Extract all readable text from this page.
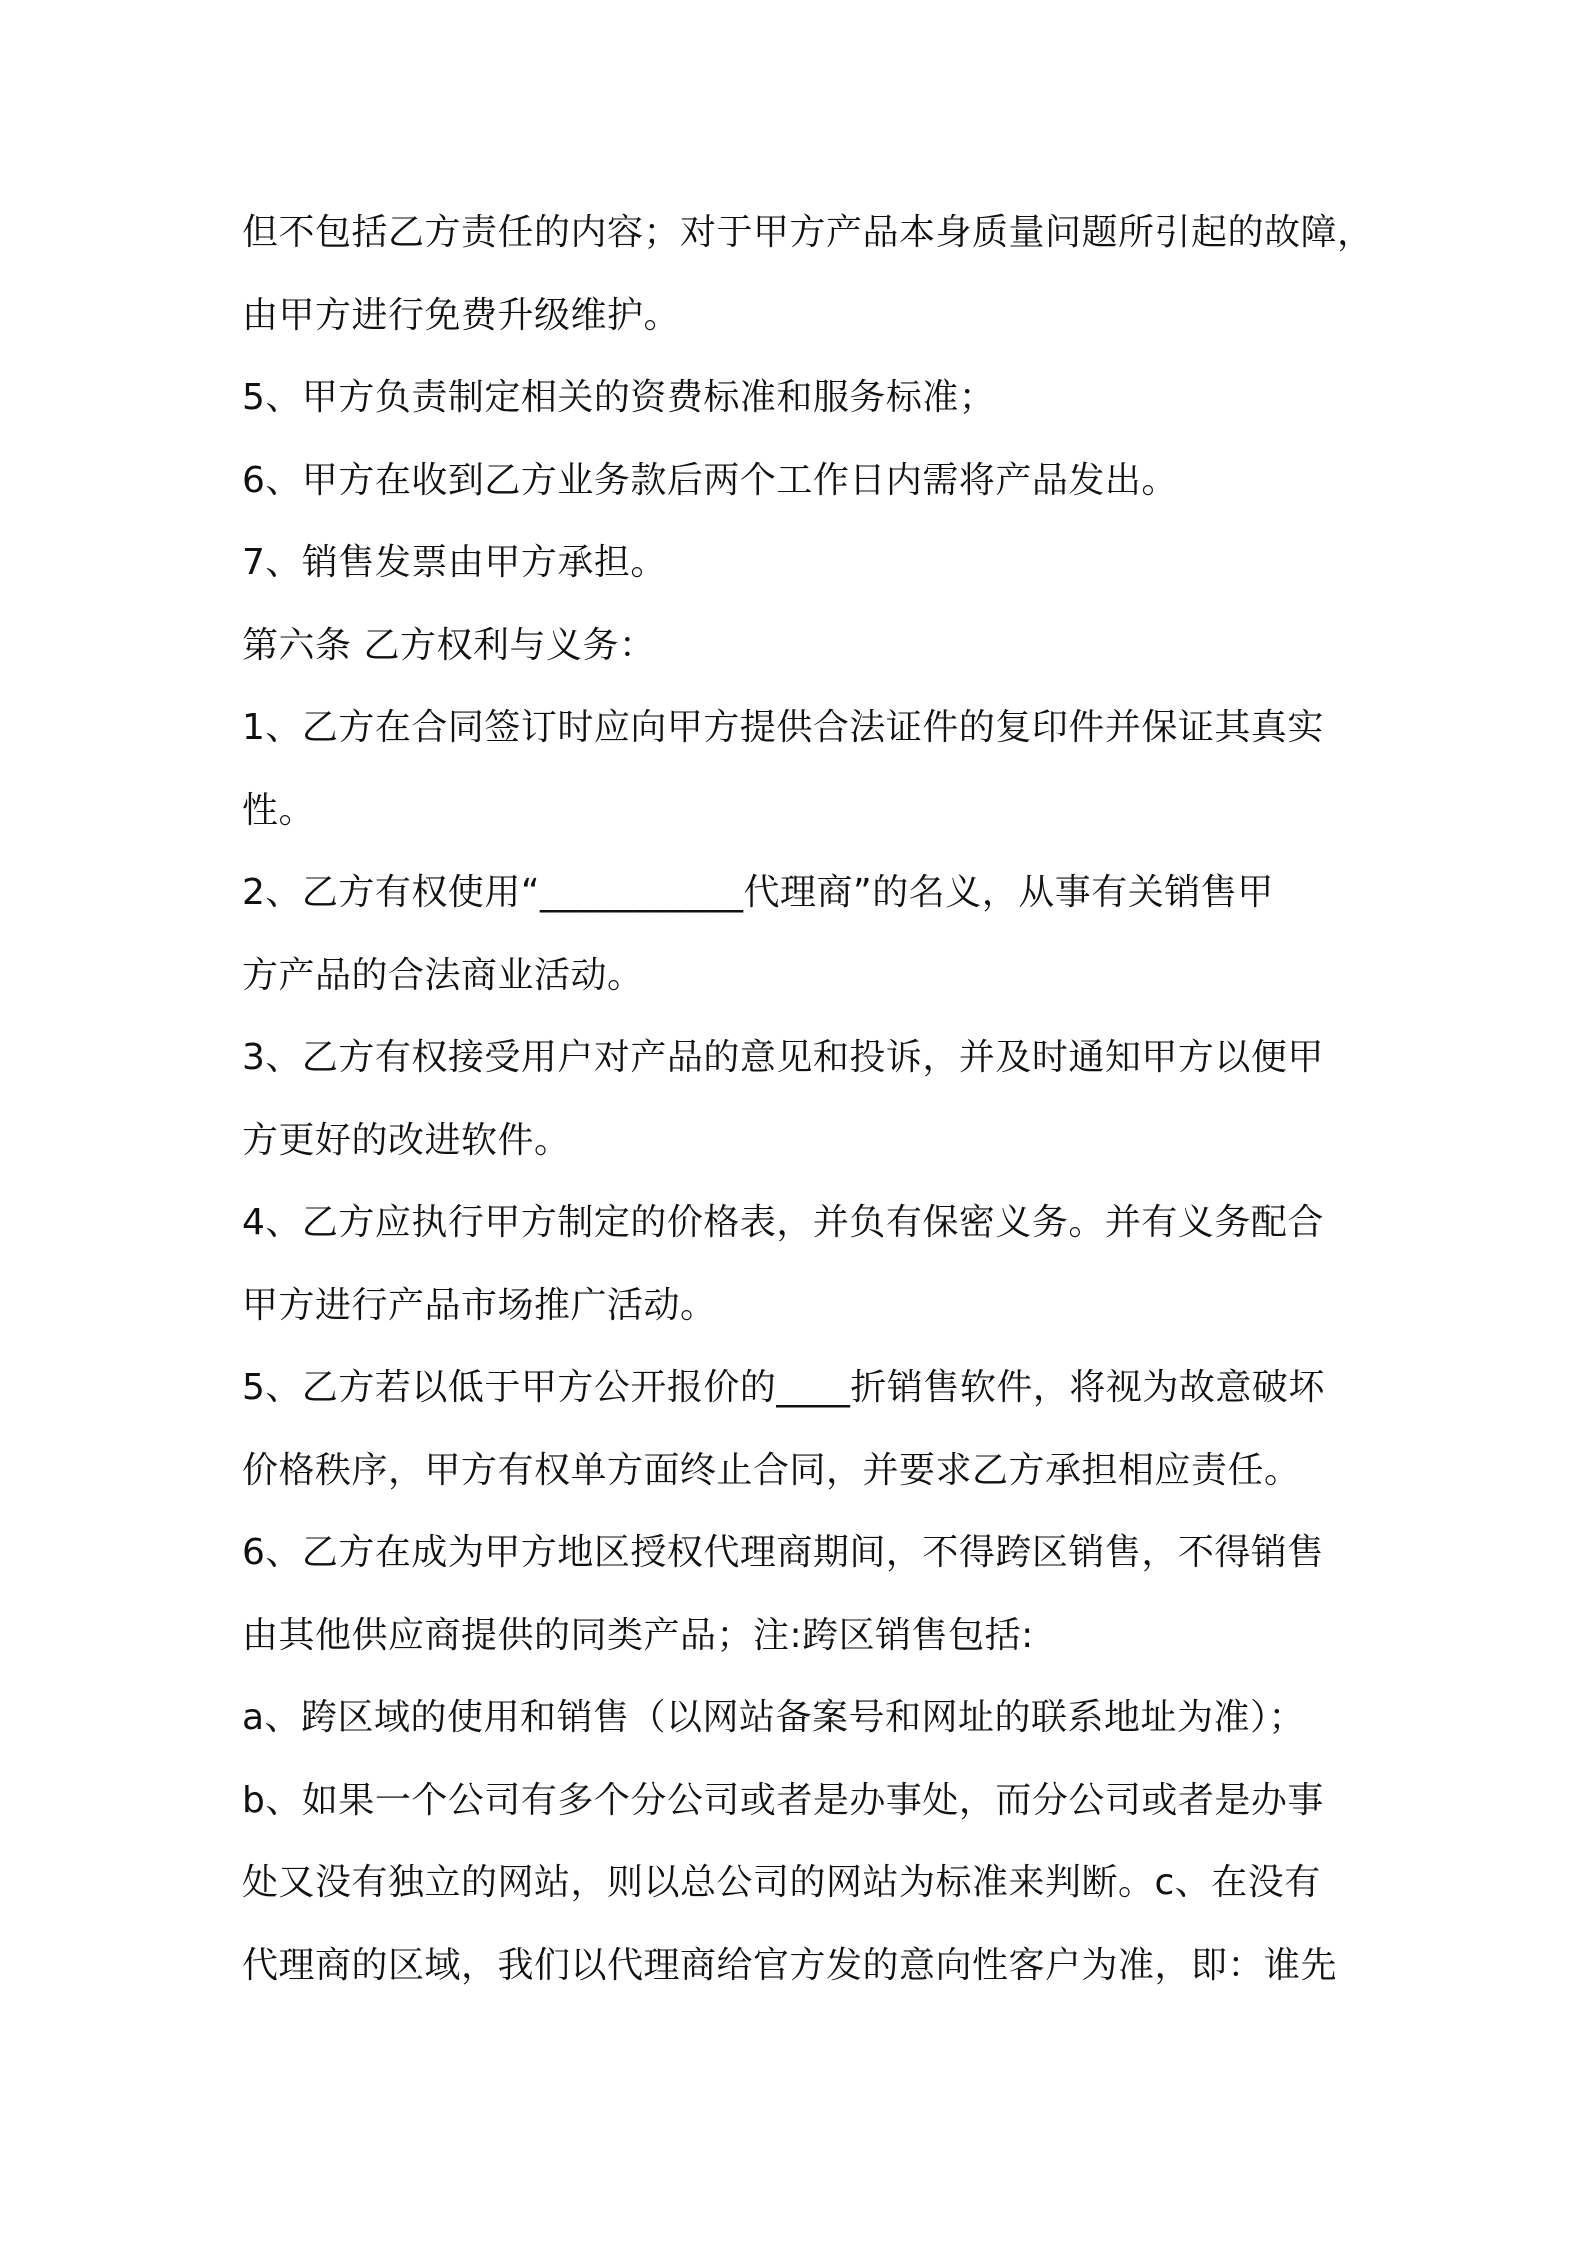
但不包括乙方责任的内容；对于甲方产品本身质量问题所引起的故障，
由甲方进行免费升级维护。
5、甲方负责制定相关的资费标准和服务标准；
6、甲方在收到乙方业务款后两个工作日内需将产品发出。
7、销售发票由甲方承担。
第六条 乙方权利与义务：
1、乙方在合同签订时应向甲方提供合法证件的复印件并保证其真实
性。
2、乙方有权使用“___________代理商”的名义，从事有关销售甲
方产品的合法商业活动。
3、乙方有权接受用户对产品的意见和投诉，并及时通知甲方以便甲
方更好的改进软件。
4、乙方应执行甲方制定的价格表，并负有保密义务。并有义务配合
甲方进行产品市场推广活动。
5、乙方若以低于甲方公开报价的____折销售软件，将视为故意破坏
价格秩序，甲方有权单方面终止合同，并要求乙方承担相应责任。
6、乙方在成为甲方地区授权代理商期间，不得跨区销售，不得销售
由其他供应商提供的同类产品；注:跨区销售包括:
a、跨区域的使用和销售（以网站备案号和网址的联系地址为准）；
b、如果一个公司有多个分公司或者是办事处，而分公司或者是办事
处又没有独立的网站，则以总公司的网站为标准来判断。c、在没有
代理商的区域，我们以代理商给官方发的意向性客户为准，即：谁先
